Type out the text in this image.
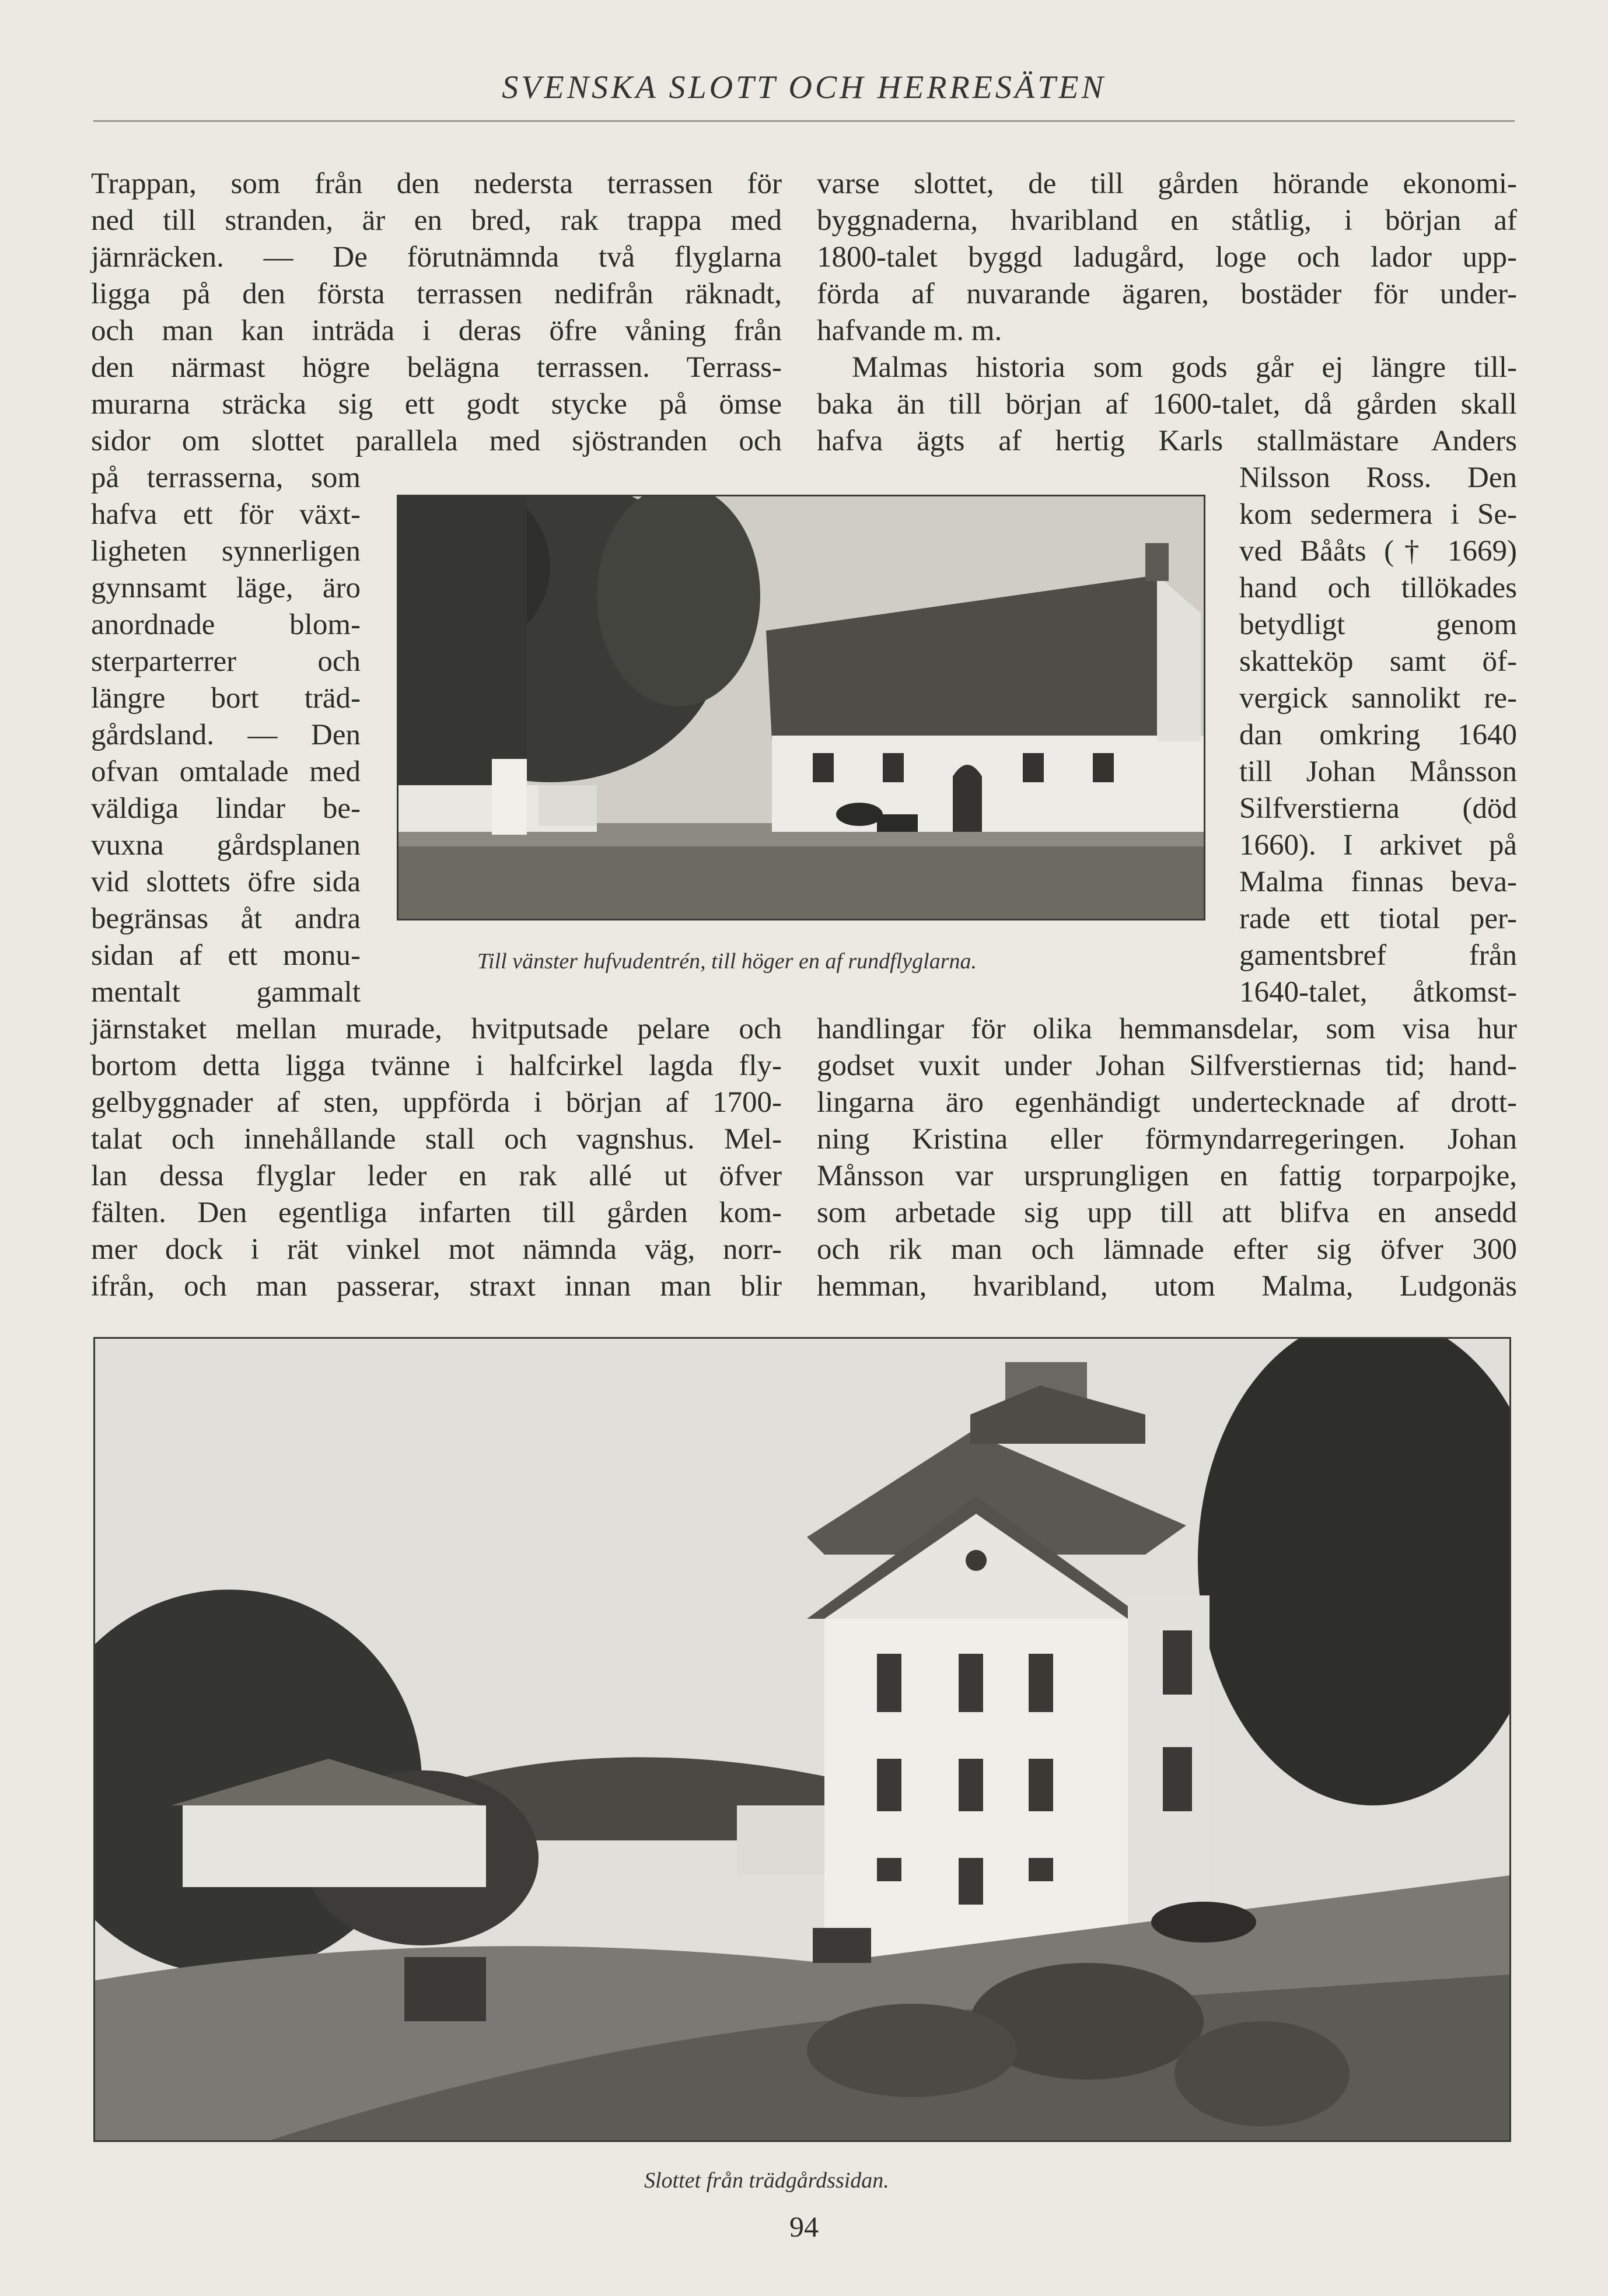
SVENSKA SLOTT OCH HERRESÄTEN
Trappan, som från den nedersta terrassen för
ned till stranden, är en bred, rak trappa med
järnräcken. — De förutnämnda två flyglarna
ligga på den första terrassen nedifrån räknadt,
och man kan inträda i deras öfre våning från
den närmast högre belägna terrassen. Terrass-
murarna sträcka sig ett godt stycke på ömse
sidor om slottet parallela med sjöstranden och
på terrasserna, som
hafva ett för växt-
ligheten synnerligen
gynnsamt läge, äro
anordnade blom-
sterparterrer och
längre bort träd-
gårdsland. — Den
ofvan omtalade med
väldiga lindar be-
vuxna gårdsplanen
vid slottets öfre sida
begränsas åt andra
sidan af ett monu-
mentalt gammalt
järnstaket mellan murade, hvitputsade pelare och
bortom detta ligga tvänne i halfcirkel lagda fly-
gelbyggnader af sten, uppförda i början af 1700-
talat och innehållande stall och vagnshus. Mel-
lan dessa flyglar leder en rak allé ut öfver
fälten. Den egentliga infarten till gården kom-
mer dock i rät vinkel mot nämnda väg, norr-
ifrån, och man passerar, straxt innan man blir
varse slottet, de till gården hörande ekonomi-
byggnaderna, hvaribland en ståtlig, i början af
1800-talet byggd ladugård, loge och lador upp-
förda af nuvarande ägaren, bostäder för under-
hafvande m. m.
Malmas historia som gods går ej längre till-
baka än till början af 1600-talet, då gården skall
hafva ägts af hertig Karls stallmästare Anders
Nilsson Ross. Den
kom sedermera i Se-
ved Bååts († 1669)
hand och tillökades
betydligt genom
skatteköp samt öf-
vergick sannolikt re-
dan omkring 1640
till Johan Månsson
Silfverstierna (död
1660). I arkivet på
Malma finnas beva-
rade ett tiotal per-
gamentsbref från
1640-talet, åtkomst-
handlingar för olika hemmansdelar, som visa hur
godset vuxit under Johan Silfverstiernas tid; hand-
lingarna äro egenhändigt undertecknade af drott-
ning Kristina eller förmyndarregeringen. Johan
Månsson var ursprungligen en fattig torparpojke,
som arbetade sig upp till att blifva en ansedd
och rik man och lämnade efter sig öfver 300
hemman, hvaribland, utom Malma, Ludgonäs
Till vänster hufvudentrén, till höger en af rundflyglarna.
Slottet från trädgårdssidan.
94
